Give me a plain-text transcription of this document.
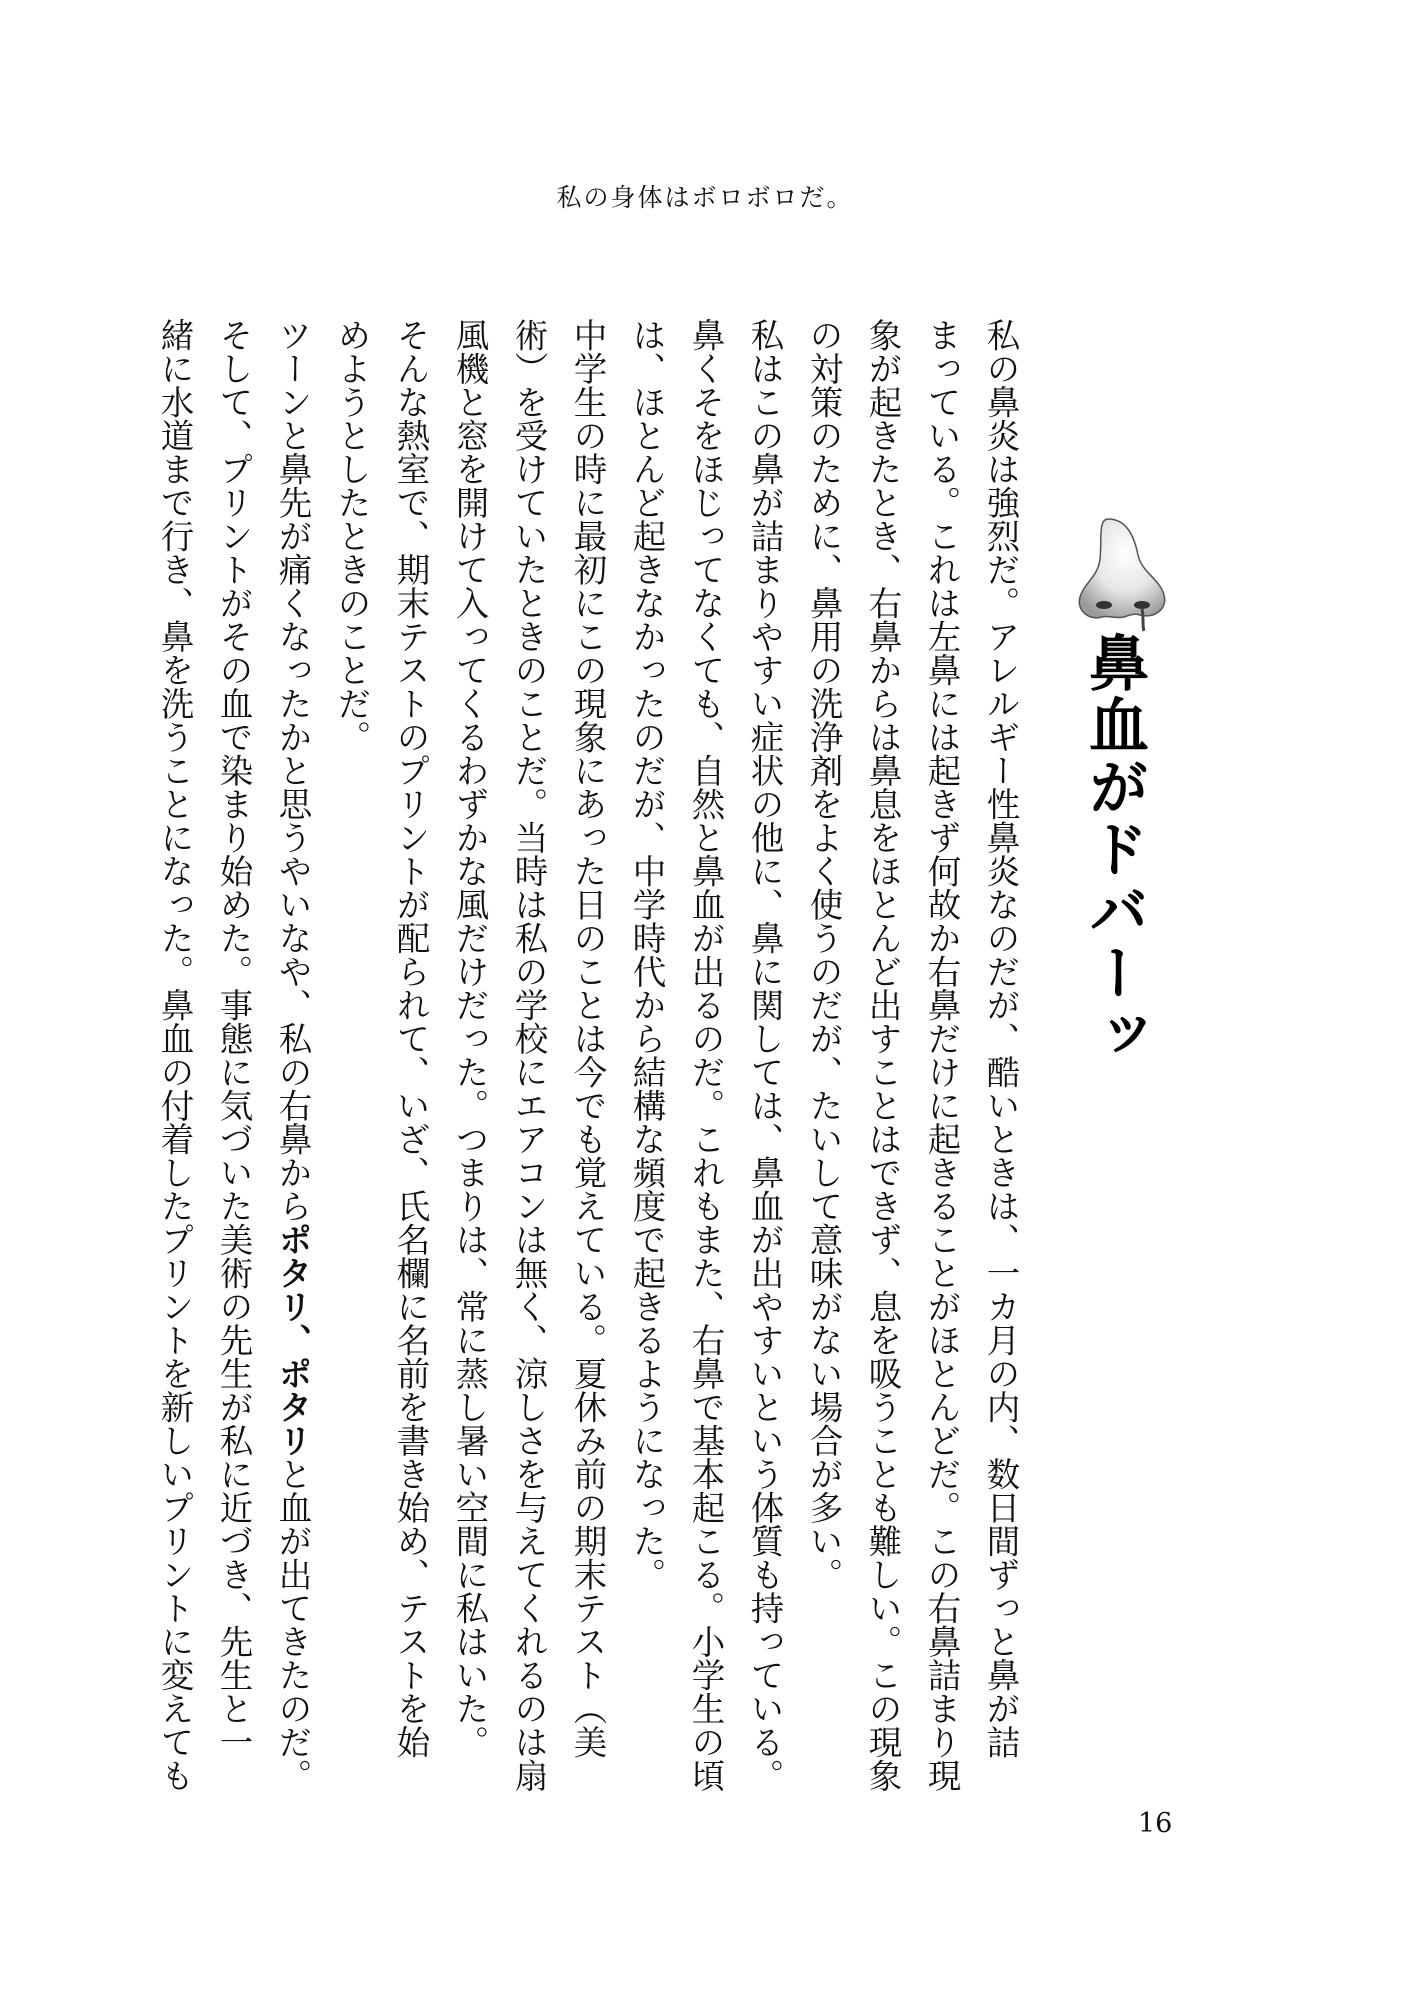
私の身体はボロボロだ。
鼻血がドバーッ
私の鼻炎は強烈だ。アレルギー性鼻炎なのだが、酷いときは、一カ月の内、数日間ずっと鼻が詰
まっている。これは左鼻には起きず何故か右鼻だけに起きることがほとんどだ。この右鼻詰まり現
象が起きたとき、右鼻からは鼻息をほとんど出すことはできず、息を吸うことも難しい。この現象
の対策のために、鼻用の洗浄剤をよく使うのだが、たいして意味がない場合が多い。
私はこの鼻が詰まりやすい症状の他に、鼻に関しては、鼻血が出やすいという体質も持っている。
鼻くそをほじってなくても、自然と鼻血が出るのだ。これもまた、右鼻で基本起こる。小学生の頃
は、ほとんど起きなかったのだが、中学時代から結構な頻度で起きるようになった。
中学生の時に最初にこの現象にあった日のことは今でも覚えている。夏休み前の期末テスト（美
術）を受けていたときのことだ。当時は私の学校にエアコンは無く、涼しさを与えてくれるのは扇
風機と窓を開けて入ってくるわずかな風だけだった。つまりは、常に蒸し暑い空間に私はいた。
そんな熱室で、期末テストのプリントが配られて、いざ、氏名欄に名前を書き始め、テストを始
めようとしたときのことだ。
ツーンと鼻先が痛くなったかと思うやいなや、私の右鼻からポタリ、ポタリと血が出てきたのだ。
そして、プリントがその血で染まり始めた。事態に気づいた美術の先生が私に近づき、先生と一
緒に水道まで行き、鼻を洗うことになった。鼻血の付着したプリントを新しいプリントに変えても
16
